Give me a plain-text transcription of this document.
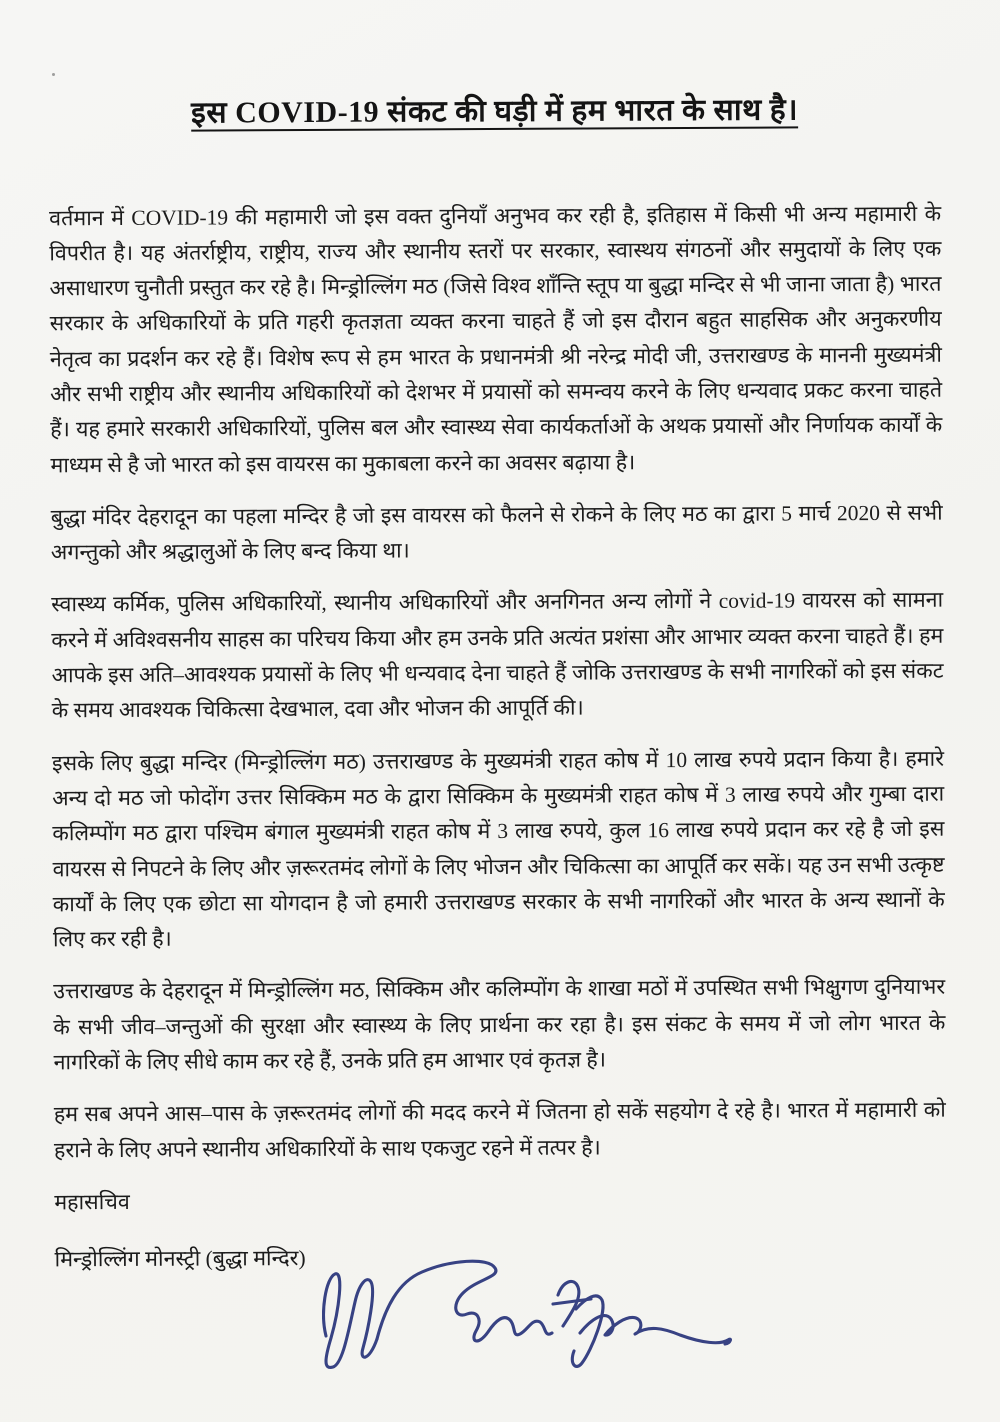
इस COVID-19 संकट की घड़ी में हम भारत के साथ है।

वर्तमान में COVID-19 की महामारी जो इस वक्त दुनियाँ अनुभव कर रही है, इतिहास में किसी भी अन्य महामारी के विपरीत है। यह अंतर्राष्ट्रीय, राष्ट्रीय, राज्य और स्थानीय स्तरों पर सरकार, स्वास्थय संगठनों और समुदायों के लिए एक असाधारण चुनौती प्रस्तुत कर रहे है। मिन्ड्रोल्लिंग मठ (जिसे विश्व शाँन्ति स्तूप या बुद्धा मन्दिर से भी जाना जाता है) भारत सरकार के अधिकारियों के प्रति गहरी कृतज्ञता व्यक्त करना चाहते हैं जो इस दौरान बहुत साहसिक और अनुकरणीय नेतृत्व का प्रदर्शन कर रहे हैं। विशेष रूप से हम भारत के प्रधानमंत्री श्री नरेन्द्र मोदी जी, उत्तराखण्ड के माननी मुख्यमंत्री और सभी राष्ट्रीय और स्थानीय अधिकारियों को देशभर में प्रयासों को समन्वय करने के लिए धन्यवाद प्रकट करना चाहते हैं। यह हमारे सरकारी अधिकारियों, पुलिस बल और स्वास्थ्य सेवा कार्यकर्ताओं के अथक प्रयासों और निर्णायक कार्यों के माध्यम से है जो भारत को इस वायरस का मुकाबला करने का अवसर बढ़ाया है।

बुद्धा मंदिर देहरादून का पहला मन्दिर है जो इस वायरस को फैलने से रोकने के लिए मठ का द्वारा 5 मार्च 2020 से सभी अगन्तुको और श्रद्धालुओं के लिए बन्द किया था।

स्वास्थ्य कर्मिक, पुलिस अधिकारियों, स्थानीय अधिकारियों और अनगिनत अन्य लोगों ने covid-19 वायरस को सामना करने में अविश्वसनीय साहस का परिचय किया और हम उनके प्रति अत्यंत प्रशंसा और आभार व्यक्त करना चाहते हैं। हम आपके इस अति–आवश्यक प्रयासों के लिए भी धन्यवाद देना चाहते हैं जोकि उत्तराखण्ड के सभी नागरिकों को इस संकट के समय आवश्यक चिकित्सा देखभाल, दवा और भोजन की आपूर्ति की।

इसके लिए बुद्धा मन्दिर (मिन्ड्रोल्लिंग मठ) उत्तराखण्ड के मुख्यमंत्री राहत कोष में 10 लाख रुपये प्रदान किया है। हमारे अन्य दो मठ जो फोदोंग उत्तर सिक्किम मठ के द्वारा सिक्किम के मुख्यमंत्री राहत कोष में 3 लाख रुपये और गुम्बा दारा कलिम्पोंग मठ द्वारा पश्चिम बंगाल मुख्यमंत्री राहत कोष में 3 लाख रुपये, कुल 16 लाख रुपये प्रदान कर रहे है जो इस वायरस से निपटने के लिए और ज़रूरतमंद लोगों के लिए भोजन और चिकित्सा का आपूर्ति कर सकें। यह उन सभी उत्कृष्ट कार्यों के लिए एक छोटा सा योगदान है जो हमारी उत्तराखण्ड सरकार के सभी नागरिकों और भारत के अन्य स्थानों के लिए कर रही है।

उत्तराखण्ड के देहरादून में मिन्ड्रोल्लिंग मठ, सिक्किम और कलिम्पोंग के शाखा मठों में उपस्थित सभी भिक्षुगण दुनियाभर के सभी जीव–जन्तुओं की सुरक्षा और स्वास्थ्य के लिए प्रार्थना कर रहा है। इस संकट के समय में जो लोग भारत के नागरिकों के लिए सीधे काम कर रहे हैं, उनके प्रति हम आभार एवं कृतज्ञ है।

हम सब अपने आस–पास के ज़रूरतमंद लोगों की मदद करने में जितना हो सकें सहयोग दे रहे है। भारत में महामारी को हराने के लिए अपने स्थानीय अधिकारियों के साथ एकजुट रहने में तत्पर है।

महासचिव

मिन्ड्रोल्लिंग मोनस्ट्री (बुद्धा मन्दिर)
